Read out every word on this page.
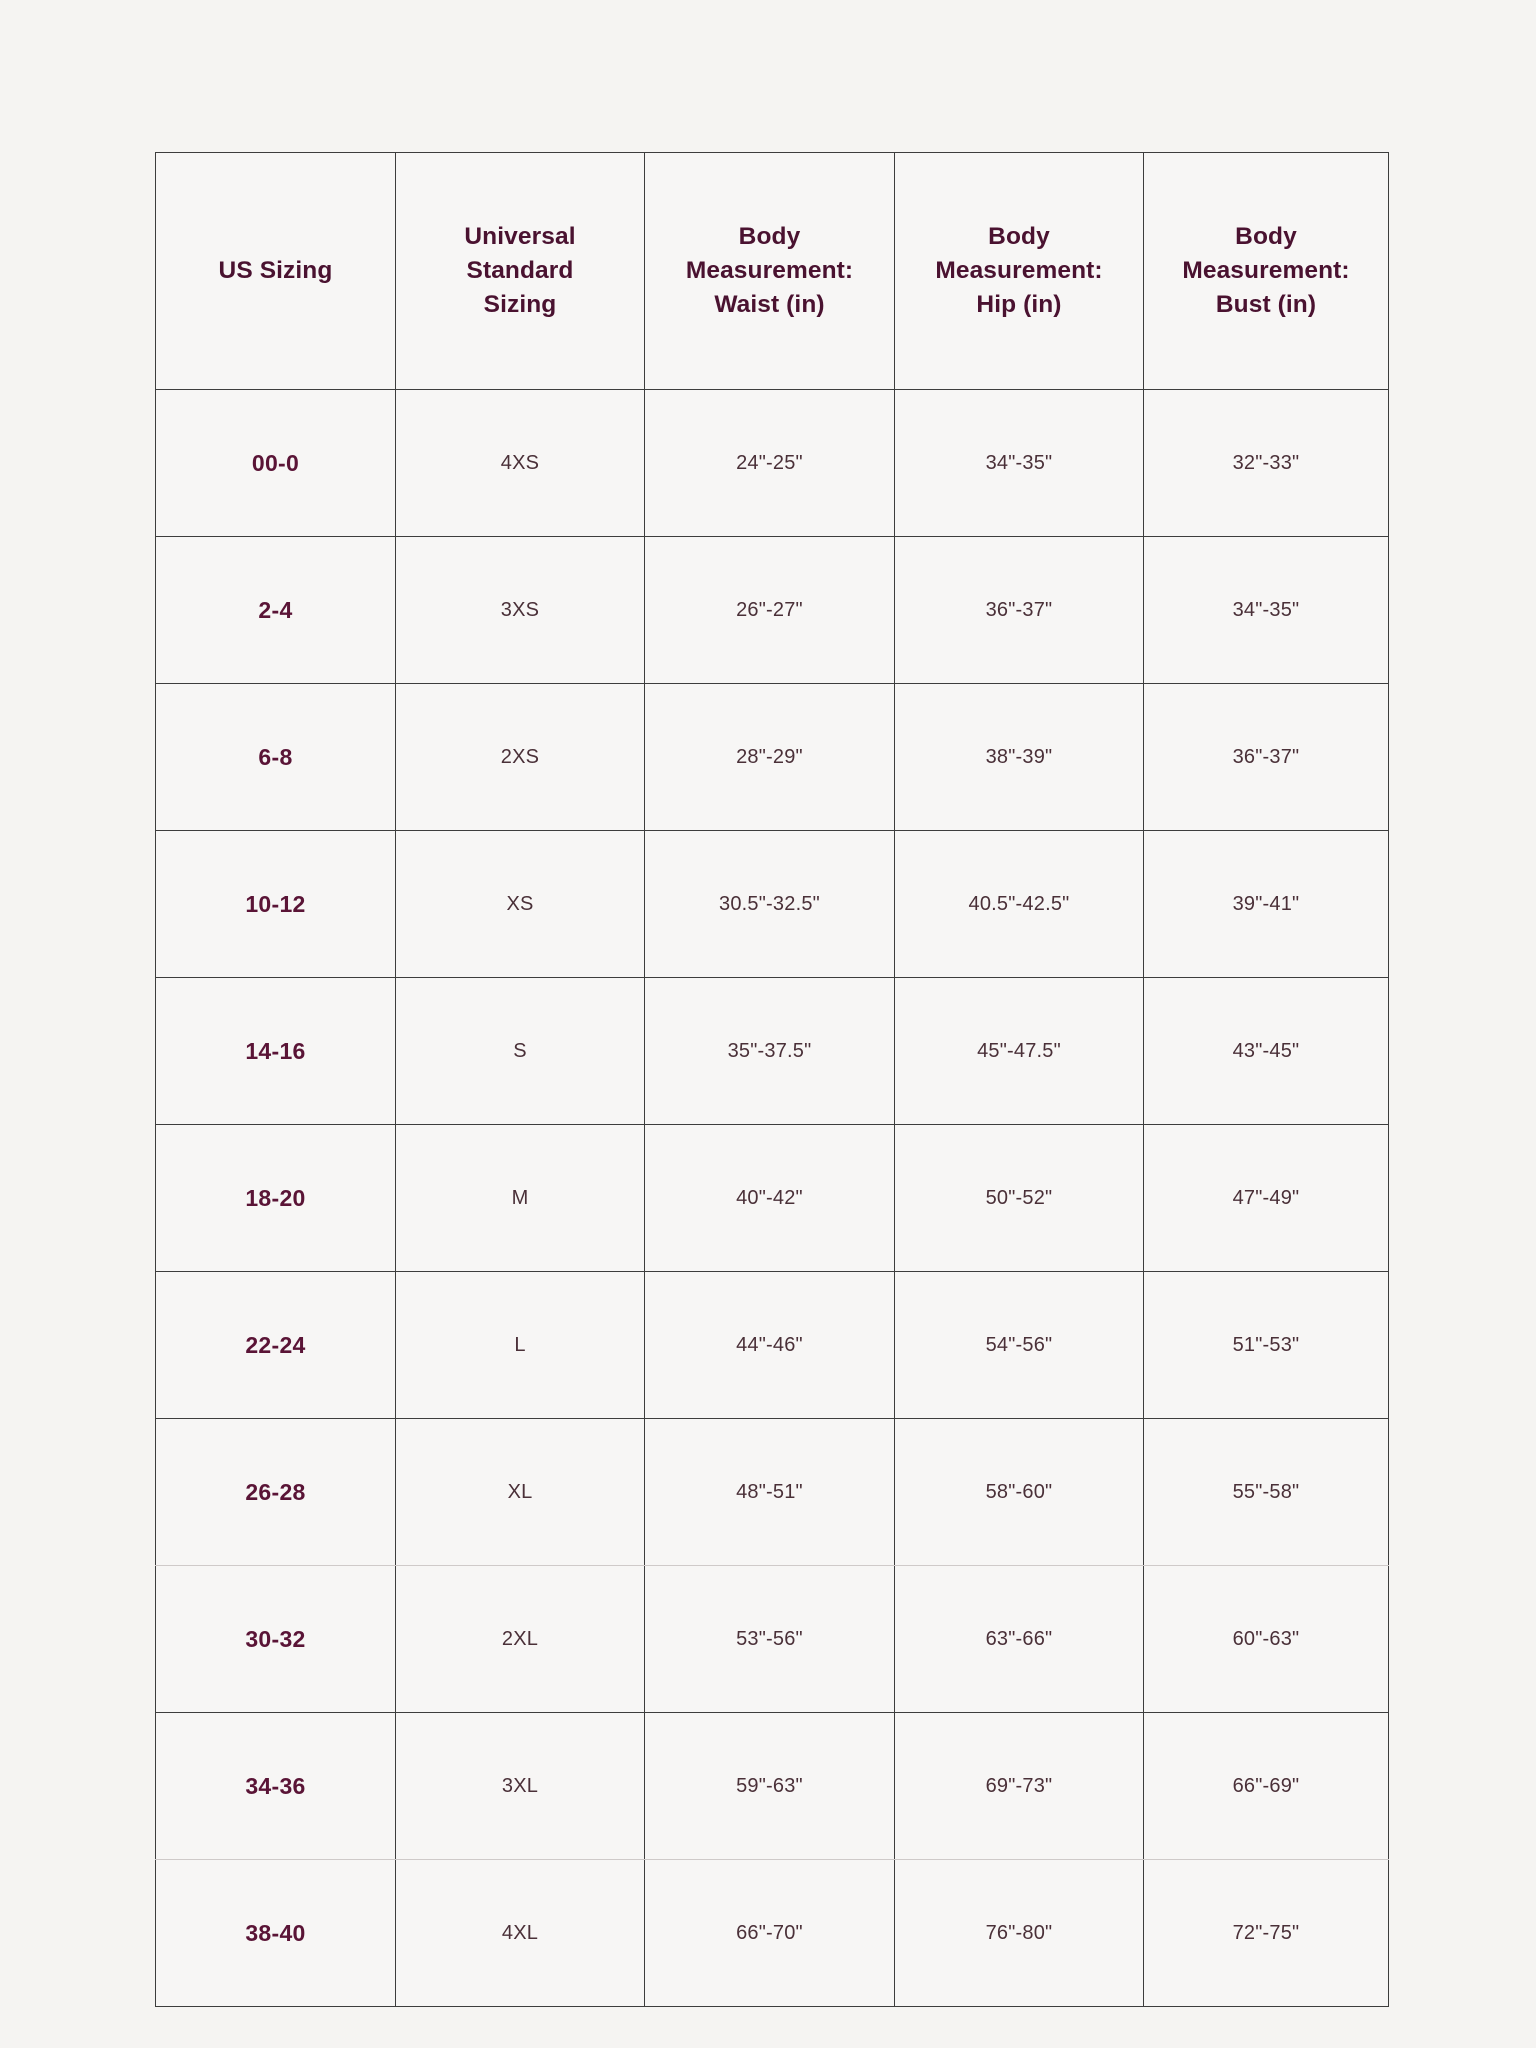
US Sizing	Universal
Standard
Sizing	Body
Measurement:
Waist (in)	Body
Measurement:
Hip (in)	Body
Measurement:
Bust (in)

00-0	4XS	24"-25"	34"-35"	32"-33"
2-4	3XS	26"-27"	36"-37"	34"-35"
6-8	2XS	28"-29"	38"-39"	36"-37"
10-12	XS	30.5"-32.5"	40.5"-42.5"	39"-41"
14-16	S	35"-37.5"	45"-47.5"	43"-45"
18-20	M	40"-42"	50"-52"	47"-49"
22-24	L	44"-46"	54"-56"	51"-53"
26-28	XL	48"-51"	58"-60"	55"-58"
30-32	2XL	53"-56"	63"-66"	60"-63"
34-36	3XL	59"-63"	69"-73"	66"-69"
38-40	4XL	66"-70"	76"-80"	72"-75"
